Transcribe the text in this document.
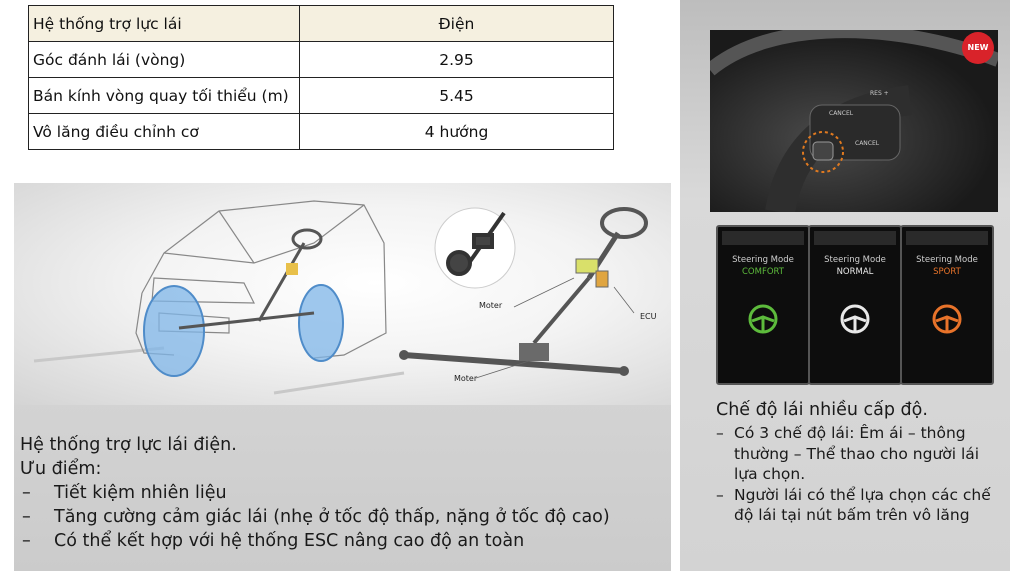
Hệ thống trợ lực lái	Điện
Góc đánh lái (vòng)	2.95
Bán kính vòng quay tối thiểu (m)	5.45
Vô lăng điều chỉnh cơ	4 hướng
Moter
ECU
Moter
Hệ thống trợ lực lái điện.
Ưu điểm:
–	Tiết kiệm nhiên liệu
–	Tăng cường cảm giác lái (nhẹ ở tốc độ thấp, nặng ở tốc độ cao)
–	Có thể kết hợp với hệ thống ESC nâng cao độ an toàn
CANCEL
RES +
CANCEL
NEW
Steering Mode
COMFORT
Steering Mode
NORMAL
Steering Mode
SPORT
Chế độ lái nhiều cấp độ.
– Có 3 chế độ lái: Êm ái – thông thường – Thể thao cho người lái lựa chọn.
– Người lái có thể lựa chọn các chế độ lái tại nút bấm trên vô lăng
